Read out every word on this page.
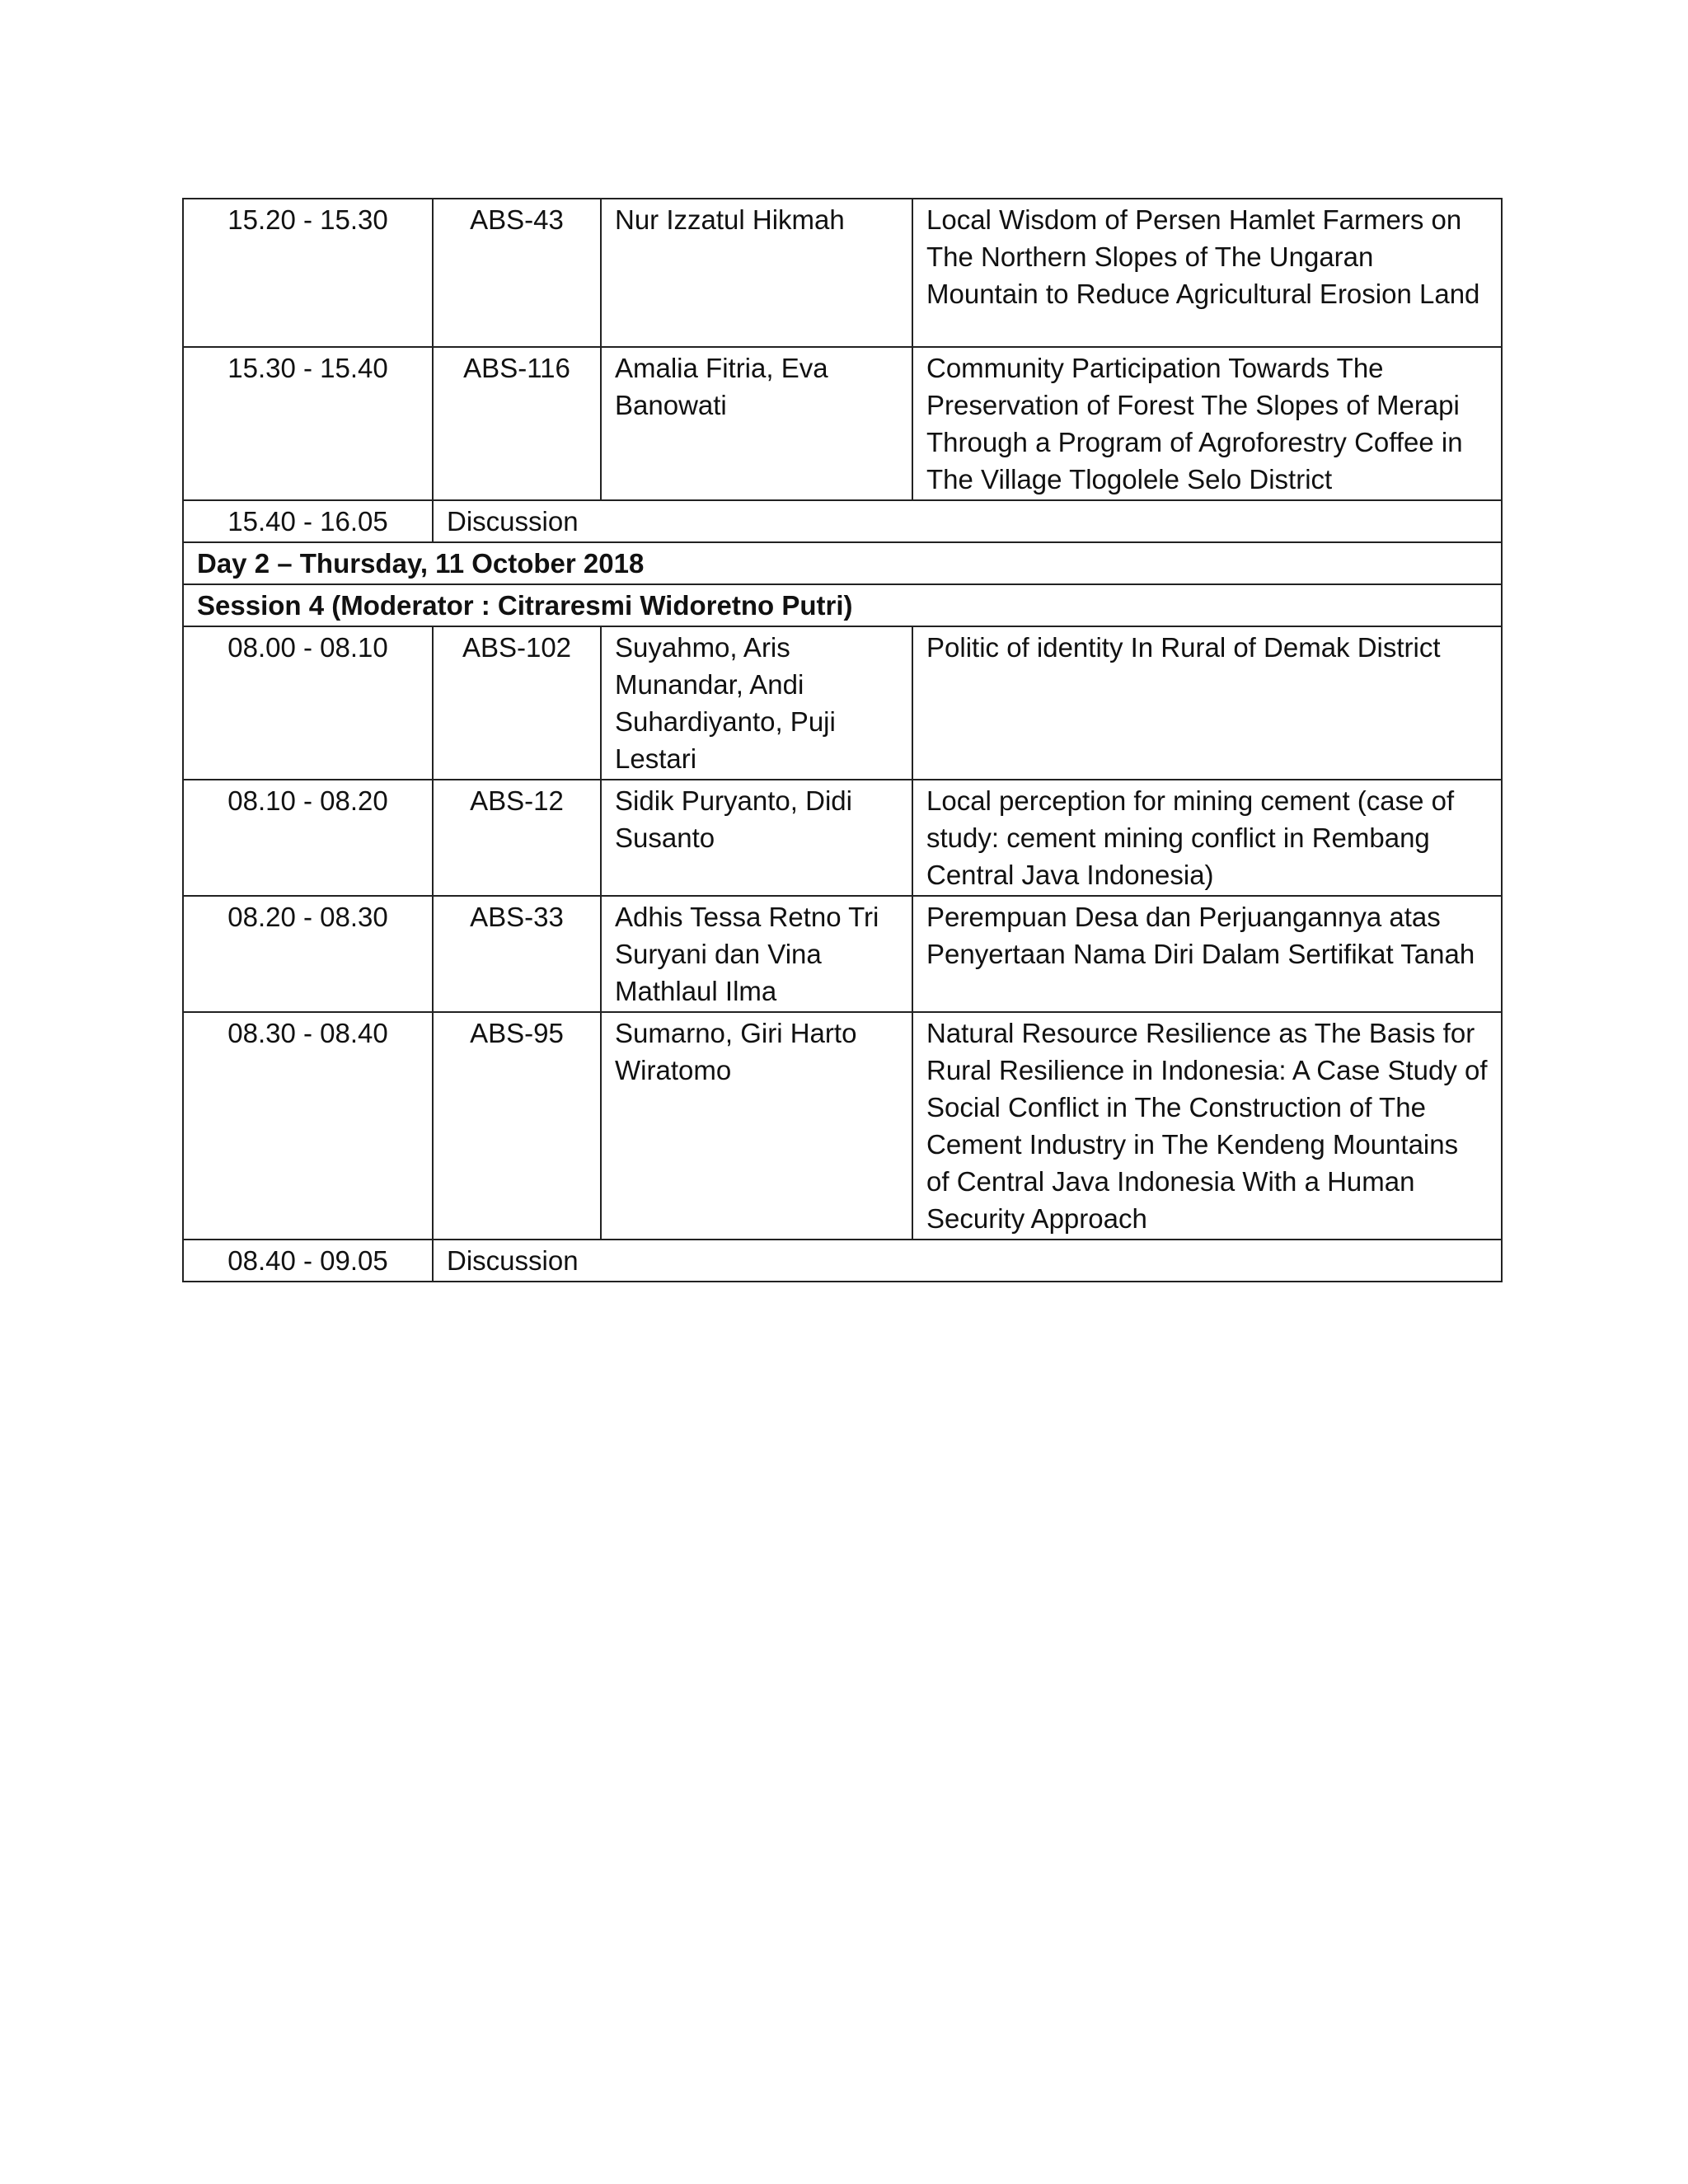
15.20 - 15.30	ABS-43	Nur Izzatul Hikmah	Local Wisdom of Persen Hamlet Farmers on The Northern Slopes of The Ungaran Mountain to Reduce Agricultural Erosion Land
15.30 - 15.40	ABS-116	Amalia Fitria, Eva Banowati	Community Participation Towards The Preservation of Forest The Slopes of Merapi Through a Program of Agroforestry Coffee in The Village Tlogolele Selo District
15.40 - 16.05	Discussion		
Day 2 – Thursday, 11 October 2018			
Session 4 (Moderator : Citraresmi Widoretno Putri)			
08.00 - 08.10	ABS-102	Suyahmo, Aris Munandar, Andi Suhardiyanto, Puji Lestari	Politic of identity In Rural of Demak District
08.10 - 08.20	ABS-12	Sidik Puryanto, Didi Susanto	Local perception for mining cement (case of study: cement mining conflict in Rembang Central Java Indonesia)
08.20 - 08.30	ABS-33	Adhis Tessa Retno Tri Suryani dan Vina Mathlaul Ilma	Perempuan Desa dan Perjuangannya atas Penyertaan Nama Diri Dalam Sertifikat Tanah
08.30 - 08.40	ABS-95	Sumarno, Giri Harto Wiratomo	Natural Resource Resilience as The Basis for Rural Resilience in Indonesia: A Case Study of Social Conflict in The Construction of The Cement Industry in The Kendeng Mountains of Central Java Indonesia With a Human Security Approach
08.40 - 09.05	Discussion		
